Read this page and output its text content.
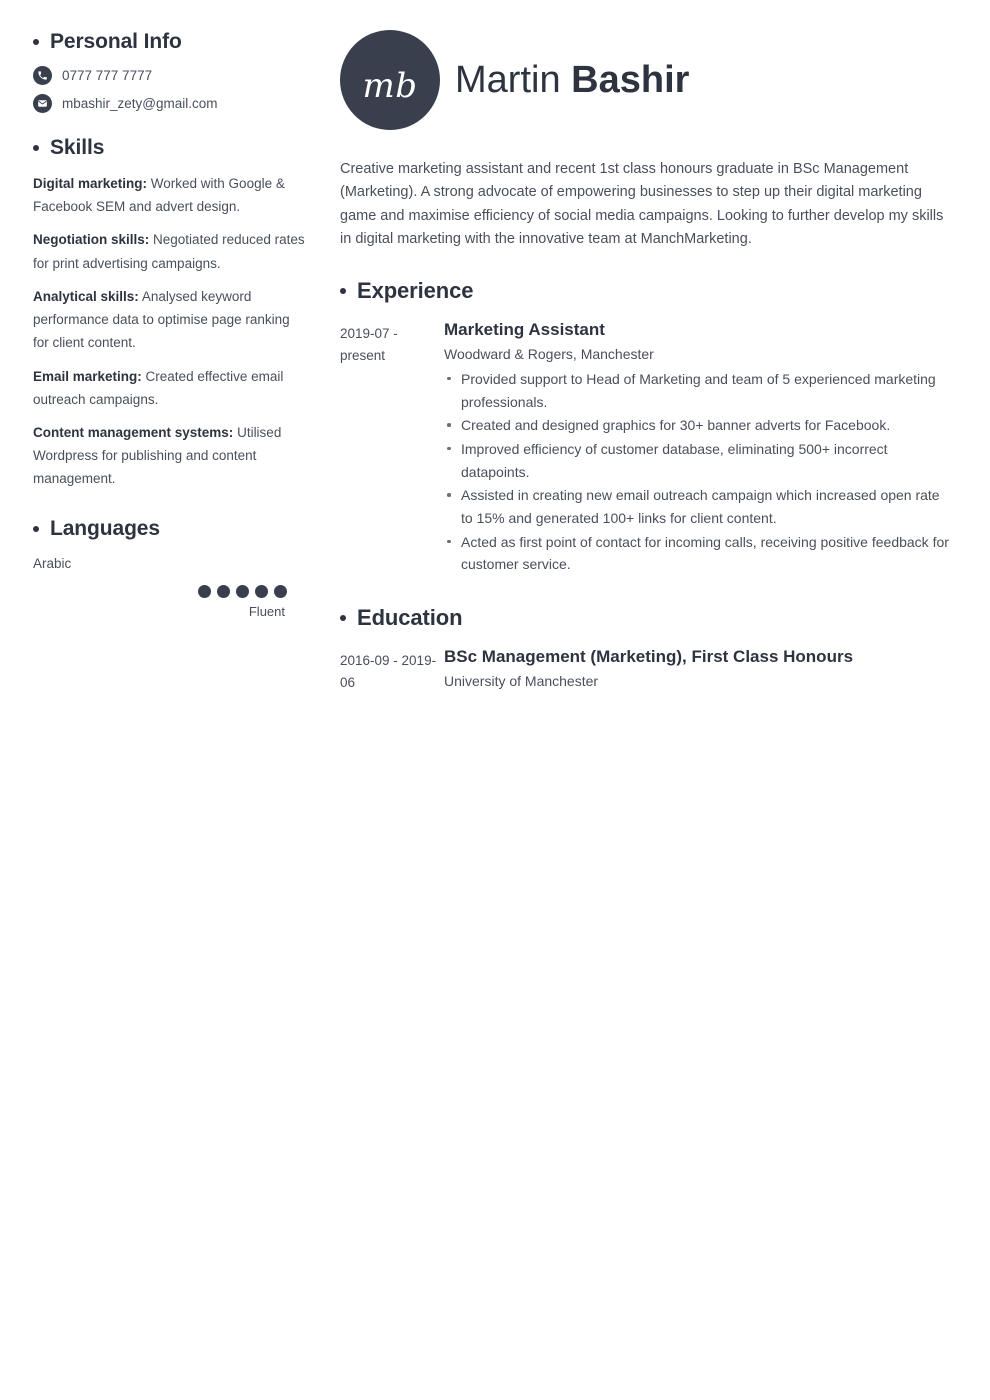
Personal Info
0777 777 7777
mbashir_zety@gmail.com
Skills

Digital marketing: Worked with Google & Facebook SEM and advert design.

Negotiation skills: Negotiated reduced rates for print advertising campaigns.

Analytical skills: Analysed keyword performance data to optimise page ranking for client content.

Email marketing: Created effective email outreach campaigns.

Content management systems: Utilised Wordpress for publishing and content management.

Languages
Arabic
Fluent
mb Martin Bashir

Creative marketing assistant and recent 1st class honours graduate in BSc Management (Marketing). A strong advocate of empowering businesses to step up their digital marketing game and maximise efficiency of social media campaigns. Looking to further develop my skills in digital marketing with the innovative team at ManchMarketing.

Experience
2019-07 - present
Marketing Assistant
Woodward & Rogers, Manchester
Provided support to Head of Marketing and team of 5 experienced marketing professionals.
Created and designed graphics for 30+ banner adverts for Facebook.
Improved efficiency of customer database, eliminating 500+ incorrect datapoints.
Assisted in creating new email outreach campaign which increased open rate to 15% and generated 100+ links for client content.
Acted as first point of contact for incoming calls, receiving positive feedback for customer service.
Education
2016-09 - 2019-06
BSc Management (Marketing), First Class Honours
University of Manchester
